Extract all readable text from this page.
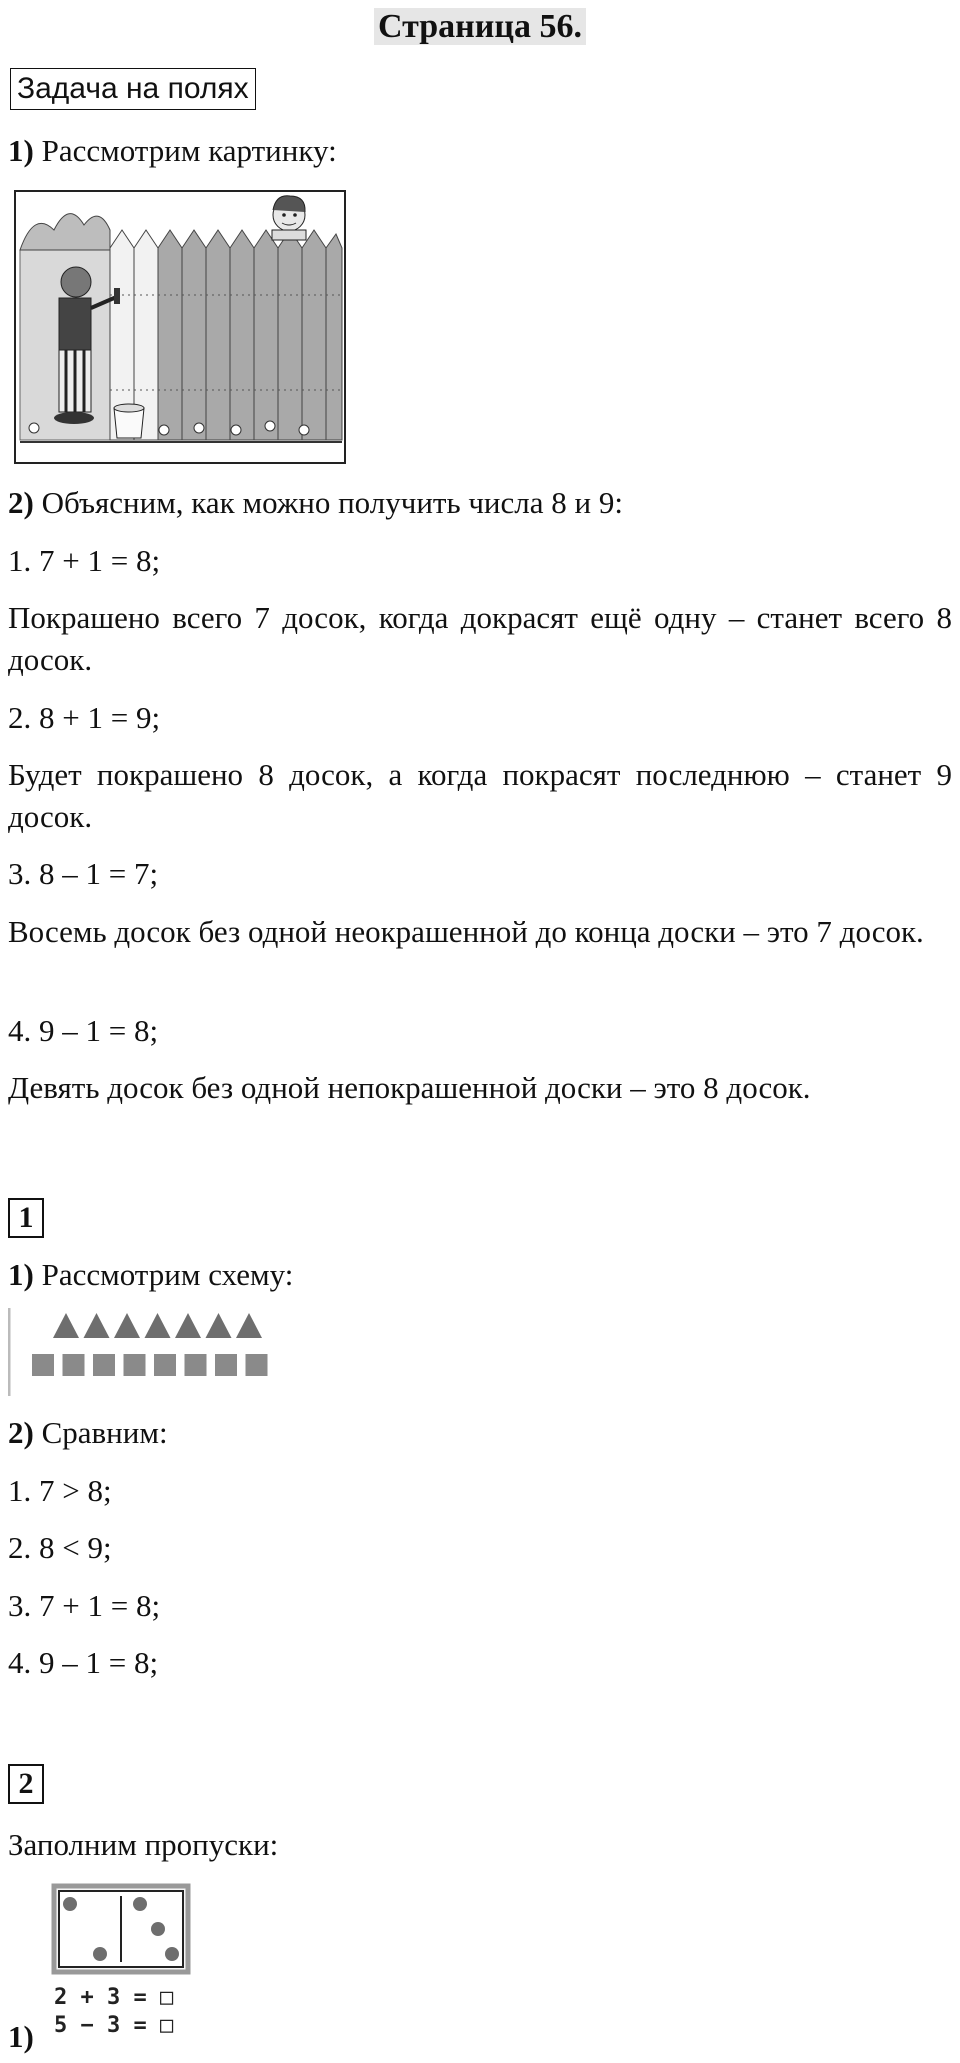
Страница 56.
Задача на полях
1) Рассмотрим картинку:
2) Объясним, как можно получить числа 8 и 9:
1. 7 + 1 = 8;
Покрашено всего 7 досок, когда докрасят ещё одну – станет всего 8 досок.
2. 8 + 1 = 9;
Будет покрашено 8 досок, а когда покрасят последнюю – станет 9 досок.
3. 8 – 1 = 7;
Восемь досок без одной неокрашенной до конца доски – это 7 досок.
4. 9 – 1 = 8;
Девять досок без одной непокрашенной доски – это 8 досок.
1
1) Рассмотрим схему:
2) Сравним:
1. 7 > 8;
2. 8 < 9;
3. 7 + 1 = 8;
4. 9 – 1 = 8;
2
Заполним пропуски:
2 + 3 = □
5 − 3 = □
1)
